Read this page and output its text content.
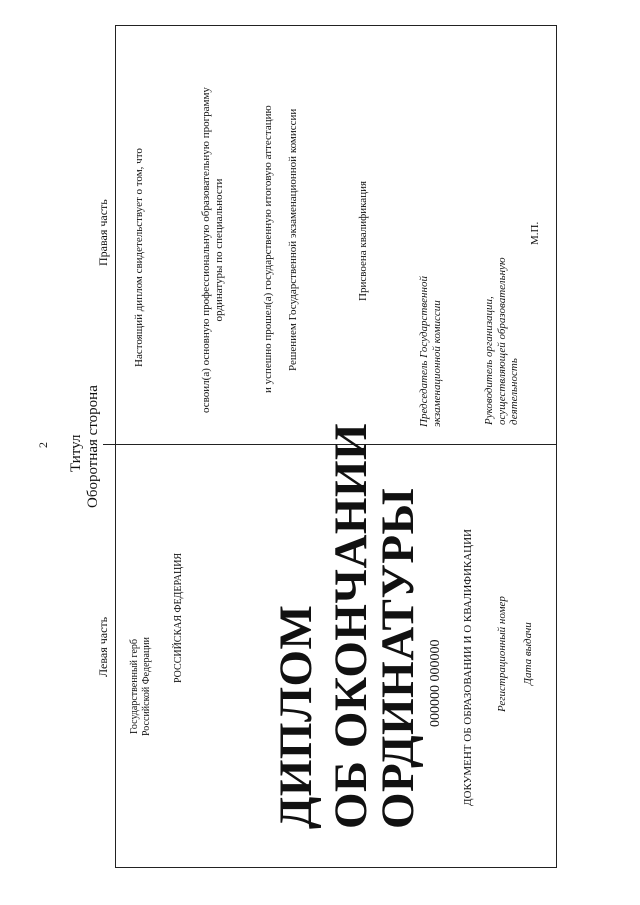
2 Титул Оборотная сторона
Левая часть
Правая часть
Государственный герб Российской Федерации
РОССИЙСКАЯ ФЕДЕРАЦИЯ ДИПЛОМ ОБ ОКОНЧАНИИ
ОРДИНАТУРЫ 000000 000000 ДОКУМЕНТ ОБ ОБРАЗОВАНИИ И О КВАЛИФИКАЦИИ Регистрационный номер Дата выдачи
Настоящий диплом свидетельствует о том, что	освоил(а) основную профессиональную образовательную программу ординатуры по специальности	и успешно прошел(а) государственную итоговую аттестацию Решением Государственной экзаменационной комиссии	Присвоена квалификация
Председатель Государственной экзаменационной комиссии	Руководитель организации, осуществляющей образовательную деятельность
М.П.
